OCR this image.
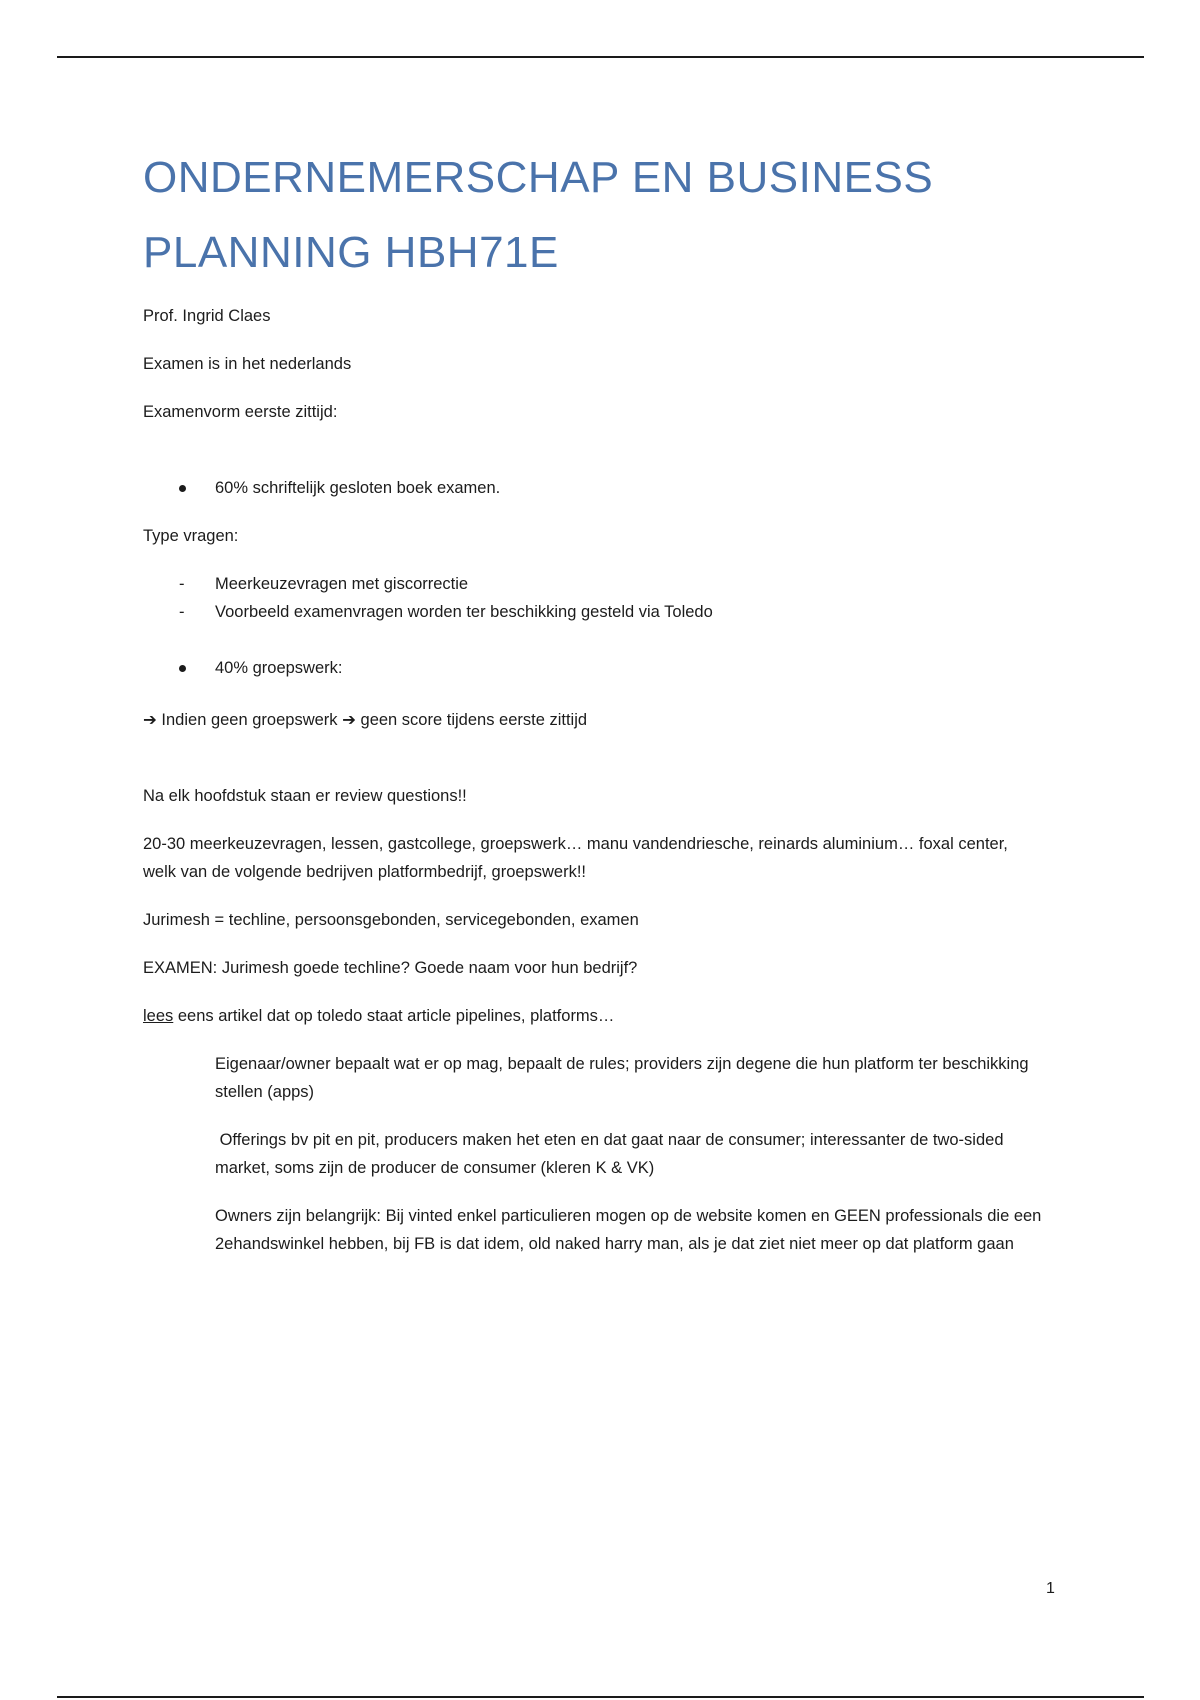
ONDERNEMERSCHAP EN BUSINESS
PLANNING HBH71E

Prof. Ingrid Claes

Examen is in het nederlands

Examenvorm eerste zittijd:

60% schriftelijk gesloten boek examen.

Type vragen:

- Meerkeuzevragen met giscorrectie
- Voorbeeld examenvragen worden ter beschikking gesteld via Toledo
40% groepswerk:

➔ Indien geen groepswerk ➔ geen score tijdens eerste zittijd

Na elk hoofdstuk staan er review questions!!

20-30 meerkeuzevragen, lessen, gastcollege, groepswerk… manu vandendriesche, reinards aluminium… foxal center, welk van de volgende bedrijven platformbedrijf, groepswerk!!

Jurimesh = techline, persoonsgebonden, servicegebonden, examen

EXAMEN: Jurimesh goede techline? Goede naam voor hun bedrijf?

lees eens artikel dat op toledo staat article pipelines, platforms…

Eigenaar/owner bepaalt wat er op mag, bepaalt de rules; providers zijn degene die hun platform ter beschikking stellen (apps)

Offerings bv pit en pit, producers maken het eten en dat gaat naar de consumer; interessanter de two-sided market, soms zijn de producer de consumer (kleren K & VK)

Owners zijn belangrijk: Bij vinted enkel particulieren mogen op de website komen en GEEN professionals die een 2ehandswinkel hebben, bij FB is dat idem, old naked harry man, als je dat ziet niet meer op dat platform gaan

1
